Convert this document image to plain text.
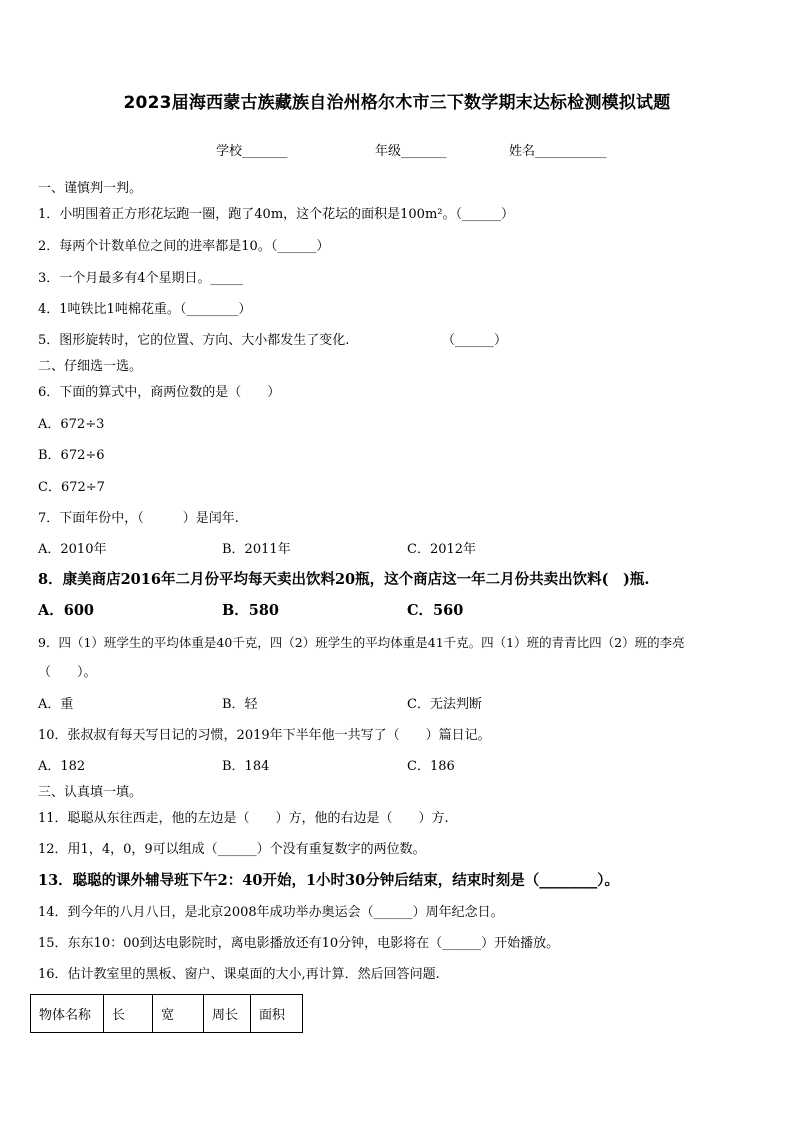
2023届海西蒙古族藏族自治州格尔木市三下数学期末达标检测模拟试题
学校_______	年级_______	姓名___________
一、谨慎判一判。
1．小明围着正方形花坛跑一圈，跑了40m，这个花坛的面积是100m²。（______）
2．每两个计数单位之间的进率都是10。（______）
3．一个月最多有4个星期日。_____
4．1吨铁比1吨棉花重。（________）
5．图形旋转时，它的位置、方向、大小都发生了变化.	（______）
二、仔细选一选。
6．下面的算式中，商两位数的是（　　）
A．672÷3
B．672÷6
C．672÷7
7．下面年份中，（　　　）是闰年.
A．2010年	B．2011年	C．2012年
8．康美商店2016年二月份平均每天卖出饮料20瓶，这个商店这一年二月份共卖出饮料(　)瓶.
A．600	B．580	C．560
9．四（1）班学生的平均体重是40千克，四（2）班学生的平均体重是41千克。四（1）班的青青比四（2）班的李亮
（　　）。
A．重	B．轻	C．无法判断
10．张叔叔有每天写日记的习惯，2019年下半年他一共写了（　　）篇日记。
A．182	B．184	C．186
三、认真填一填。
11．聪聪从东往西走，他的左边是（　　）方，他的右边是（　　）方.
12．用1，4，0，9可以组成（______）个没有重复数字的两位数。
13．聪聪的课外辅导班下午2：40开始，1小时30分钟后结束，结束时刻是（________）。
14．到今年的八月八日，是北京2008年成功举办奥运会（______）周年纪念日。
15．东东10：00到达电影院时，离电影播放还有10分钟，电影将在（______）开始播放。
16．估计教室里的黑板、窗户、课桌面的大小,再计算．然后回答问题.
物体名称	长	宽	周长	面积
